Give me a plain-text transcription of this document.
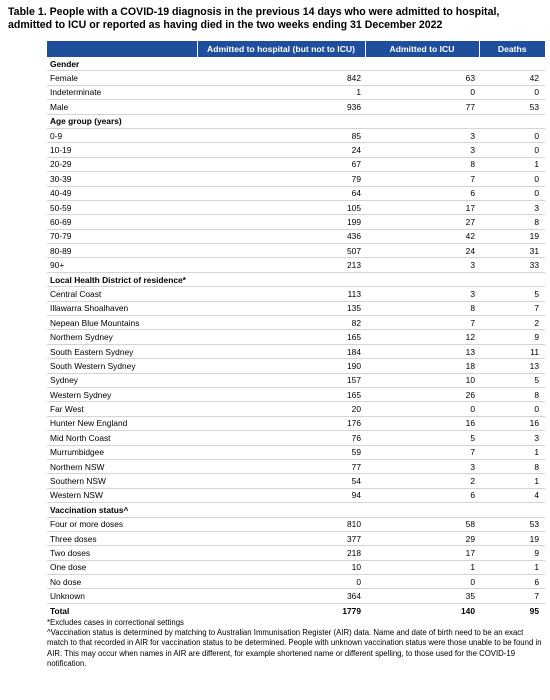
Table 1. People with a COVID-19 diagnosis in the previous 14 days who were admitted to hospital, admitted to ICU or reported as having died in the two weeks ending 31 December 2022
	Admitted to hospital (but not to ICU)	Admitted to ICU	Deaths
Gender			
Female	842	63	42
Indeterminate	1	0	0
Male	936	77	53
Age group (years)			
0-9	85	3	0
10-19	24	3	0
20-29	67	8	1
30-39	79	7	0
40-49	64	6	0
50-59	105	17	3
60-69	199	27	8
70-79	436	42	19
80-89	507	24	31
90+	213	3	33
Local Health District of residence*			
Central Coast	113	3	5
Illawarra Shoalhaven	135	8	7
Nepean Blue Mountains	82	7	2
Northern Sydney	165	12	9
South Eastern Sydney	184	13	11
South Western Sydney	190	18	13
Sydney	157	10	5
Western Sydney	165	26	8
Far West	20	0	0
Hunter New England	176	16	16
Mid North Coast	76	5	3
Murrumbidgee	59	7	1
Northern NSW	77	3	8
Southern NSW	54	2	1
Western NSW	94	6	4
Vaccination status^			
Four or more doses	810	58	53
Three doses	377	29	19
Two doses	218	17	9
One dose	10	1	1
No dose	0	0	6
Unknown	364	35	7
Total	1779	140	95
*Excludes cases in correctional settings
^Vaccination status is determined by matching to Australian Immunisation Register (AIR) data. Name and date of birth need to be an exact match to that recorded in AIR for vaccination status to be determined. People with unknown vaccination status were those unable to be found in AIR. This may occur when names in AIR are different, for example shortened name or different spelling, to those used for the COVID-19 notification.
